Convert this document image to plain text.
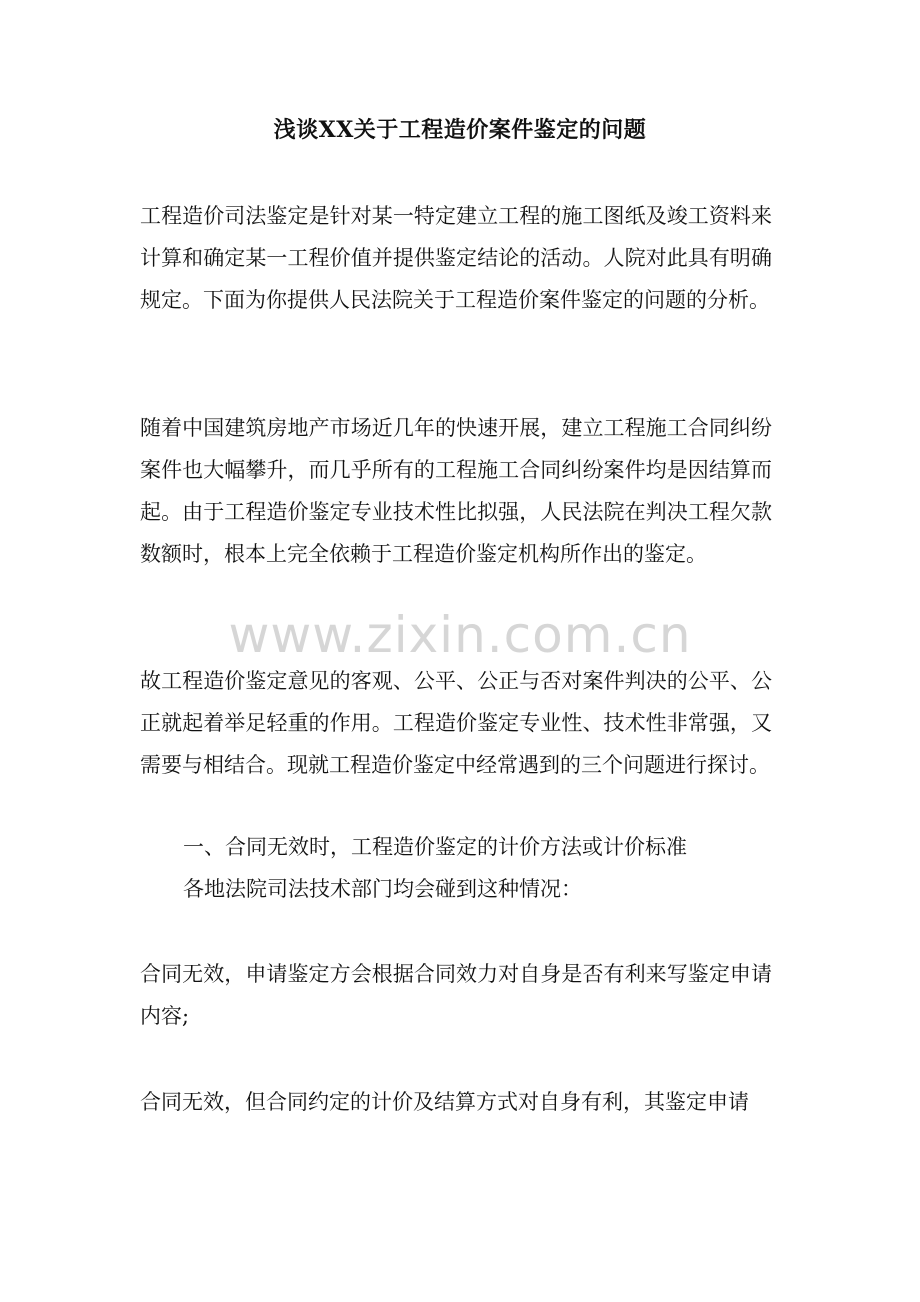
浅谈XX关于工程造价案件鉴定的问题

工程造价司法鉴定是针对某一特定建立工程的施工图纸及竣工资料来计算和确定某一工程价值并提供鉴定结论的活动。人院对此具有明确规定。下面为你提供人民法院关于工程造价案件鉴定的问题的分析。

随着中国建筑房地产市场近几年的快速开展，建立工程施工合同纠纷案件也大幅攀升，而几乎所有的工程施工合同纠纷案件均是因结算而起。由于工程造价鉴定专业技术性比拟强，人民法院在判决工程欠款数额时，根本上完全依赖于工程造价鉴定机构所作出的鉴定。

www.zixin.com.cn

故工程造价鉴定意见的客观、公平、公正与否对案件判决的公平、公正就起着举足轻重的作用。工程造价鉴定专业性、技术性非常强，又需要与相结合。现就工程造价鉴定中经常遇到的三个问题进行探讨。

一、合同无效时，工程造价鉴定的计价方法或计价标准

各地法院司法技术部门均会碰到这种情况：

合同无效，申请鉴定方会根据合同效力对自身是否有利来写鉴定申请内容;

合同无效，但合同约定的计价及结算方式对自身有利，其鉴定申请
